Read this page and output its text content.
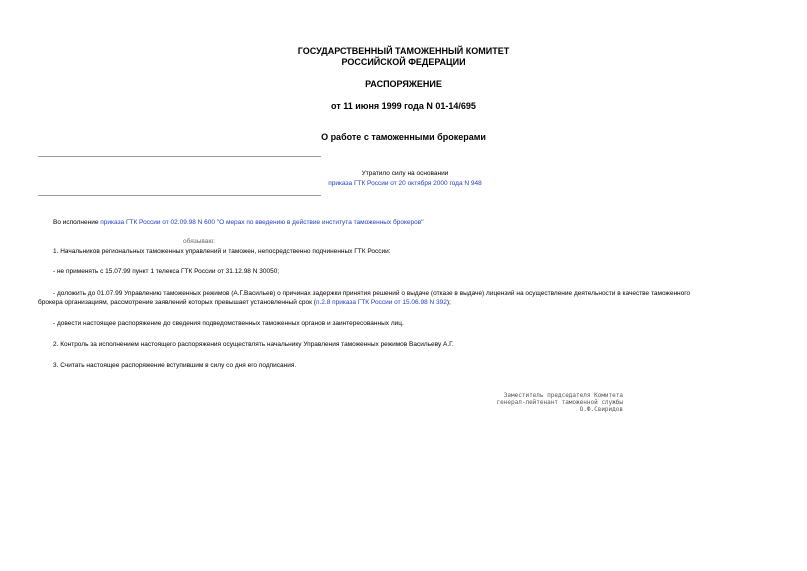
ГОСУДАРСТВЕННЫЙ ТАМОЖЕННЫЙ КОМИТЕТ
РОССИЙСКОЙ ФЕДЕРАЦИИ
РАСПОРЯЖЕНИЕ
от 11 июня 1999 года N 01-14/695
О работе с таможенными брокерами
Утратило силу на основании
приказа ГТК России от 20 октября 2000 года N 948
Во исполнение приказа ГТК России от 02.09.98 N 600 "О мерах по введению в действие института таможенных брокеров"
обязываю:
1. Начальников региональных таможенных управлений и таможен, непосредственно подчиненных ГТК России:
- не применять с 15.07.99 пункт 1 телекса ГТК России от 31.12.98 N 30050;
- доложить до 01.07.99 Управлению таможенных режимов (А.Г.Васильев) о причинах задержки принятия решений о выдаче (отказе в выдаче) лицензий на осуществление деятельности в качестве таможенного
брокера организациям, рассмотрение заявлений которых превышает установленный срок (п.2.8 приказа ГТК России от 15.06.98 N 392);
- довести настоящее распоряжение до сведения подведомственных таможенных органов и заинтересованных лиц.
2. Контроль за исполнением настоящего распоряжения осуществлять начальнику Управления таможенных режимов Васильеву А.Г.
3. Считать настоящее распоряжение вступившим в силу со дня его подписания.
Заместитель председателя Комитета
генерал-лейтенант таможенной службы
О.Ф.Свиридов
